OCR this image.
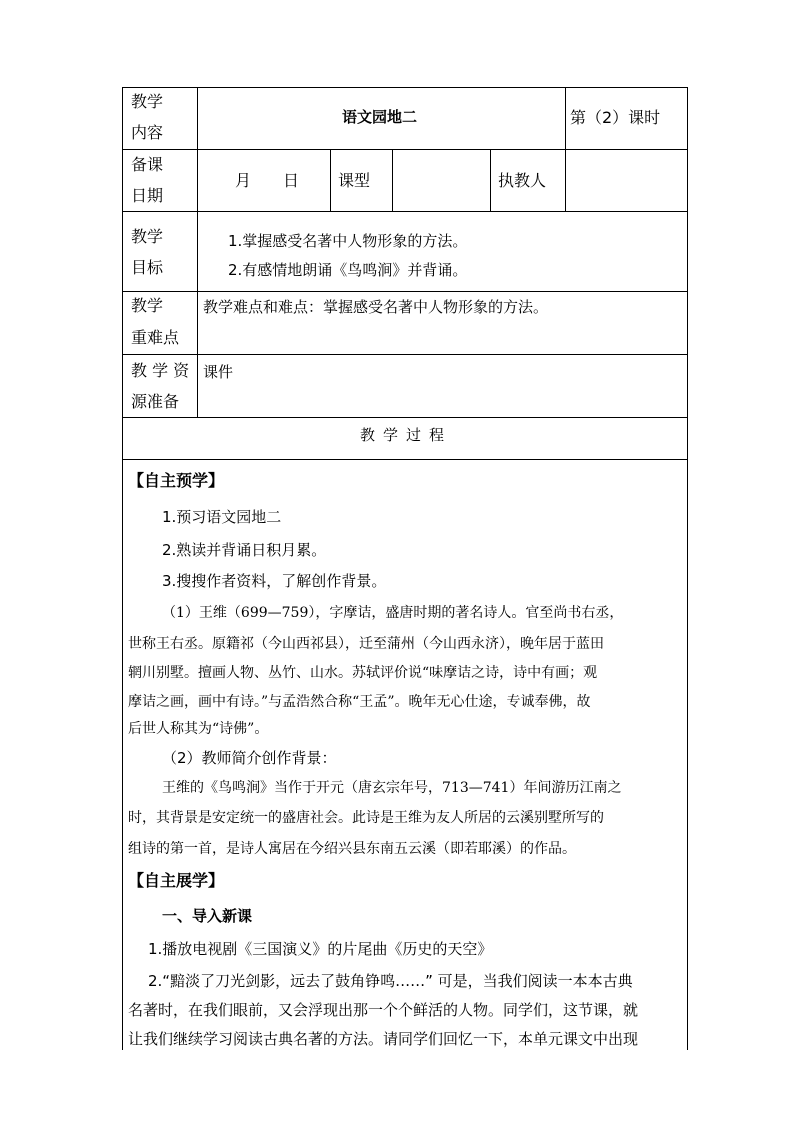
教学
内容
语文园地二	第（2）课时
备课
日期
月　　日 课型	执教人
教学
目标
1.掌握感受名著中人物形象的方法。
2.有感情地朗诵《鸟鸣涧》并背诵。
教学
重难点
教学难点和难点：掌握感受名著中人物形象的方法。
教 学 资
源准备
课件
教学过程
【自主预学】
1.预习语文园地二
2.熟读并背诵日积月累。
3.搜搜作者资料，了解创作背景。
（1）王维（699—759），字摩诘，盛唐时期的著名诗人。官至尚书右丞，
世称王右丞。原籍祁（今山西祁县），迁至蒲州（今山西永济），晚年居于蓝田
辋川别墅。擅画人物、丛竹、山水。苏轼评价说“味摩诘之诗，诗中有画；观
摩诘之画，画中有诗。”与孟浩然合称“王孟”。晚年无心仕途，专诚奉佛，故
后世人称其为“诗佛”。
（2）教师简介创作背景：
王维的《鸟鸣涧》当作于开元（唐玄宗年号，713—741）年间游历江南之
时，其背景是安定统一的盛唐社会。此诗是王维为友人所居的云溪别墅所写的
组诗的第一首，是诗人寓居在今绍兴县东南五云溪（即若耶溪）的作品。
【自主展学】
一、导入新课
1.播放电视剧《三国演义》的片尾曲《历史的天空》
2.“黯淡了刀光剑影，远去了鼓角铮鸣……” 可是，当我们阅读一本本古典
名著时，在我们眼前，又会浮现出那一个个鲜活的人物。同学们，这节课，就
让我们继续学习阅读古典名著的方法。请同学们回忆一下，本单元课文中出现
